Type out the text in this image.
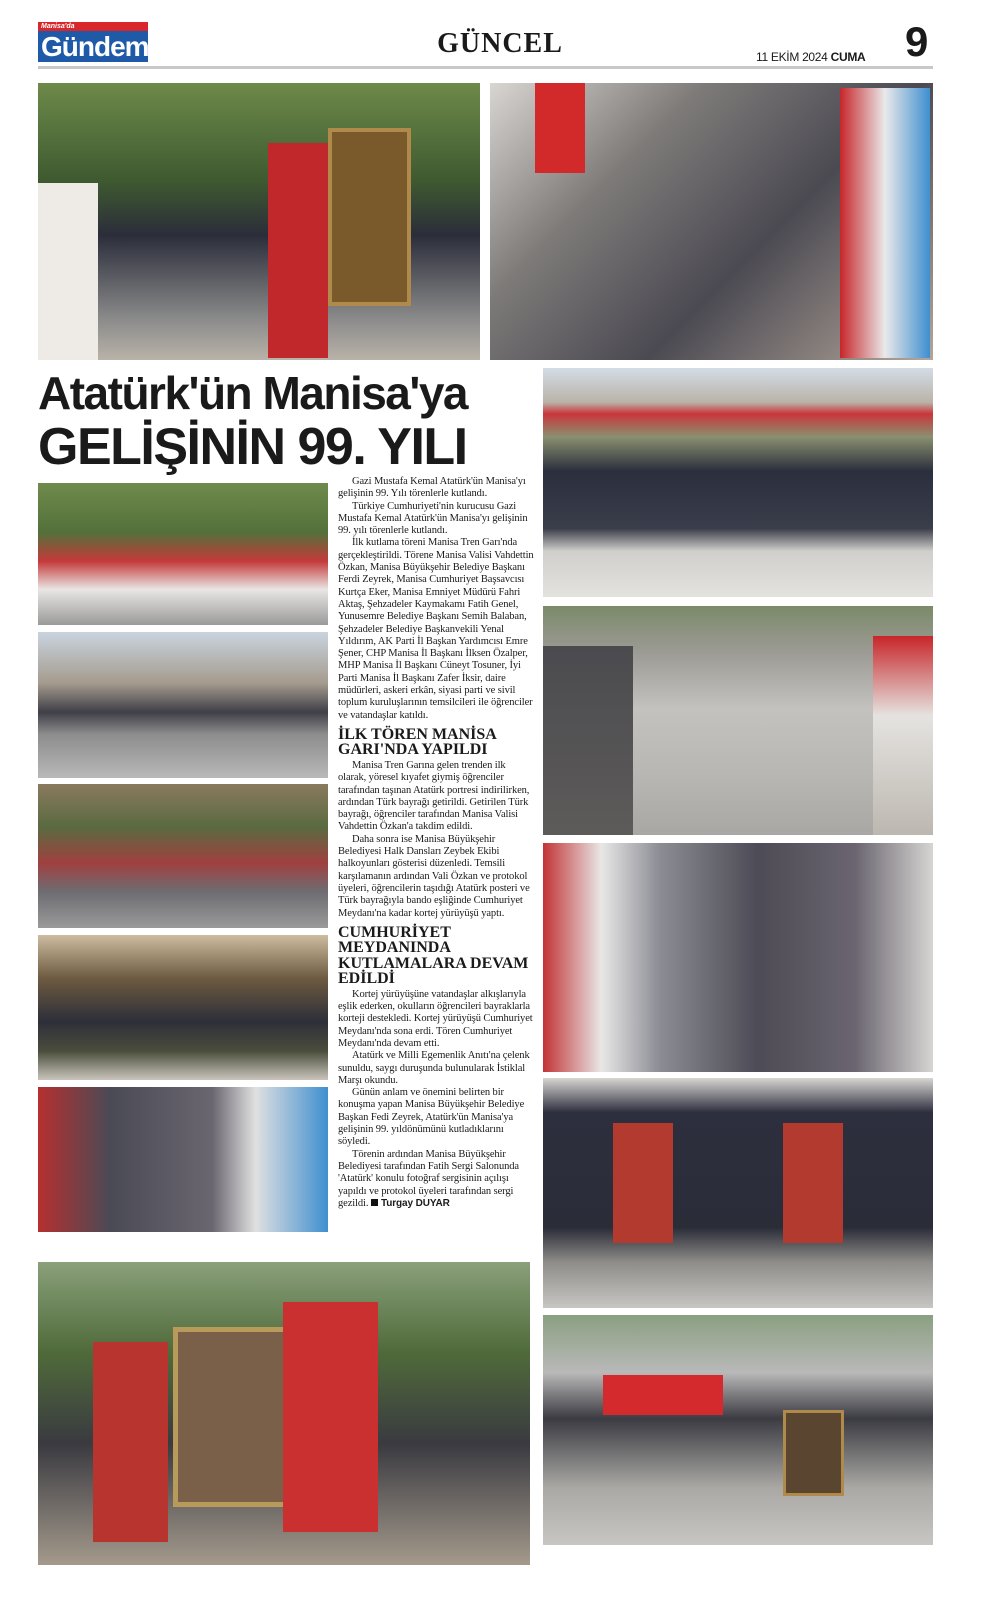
Manisa'da
Gündem	GÜNCEL	11 EKİM 2024 CUMA 9
Atatürk'ün Manisa'ya
GELİŞİNİN 99. YILI

Gazi Mustafa Kemal Atatürk'ün Manisa'yı gelişinin 99. Yılı törenlerle kutlandı.

Türkiye Cumhuriyeti'nin kurucusu Gazi Mustafa Kemal Atatürk'ün Manisa'yı gelişinin 99. yılı törenlerle kutlandı.

İlk kutlama töreni Manisa Tren Garı'nda gerçekleştirildi. Törene Manisa Valisi Vahdettin Özkan, Manisa Büyükşehir Belediye Başkanı Ferdi Zeyrek, Manisa Cumhuriyet Başsavcısı Kurtça Eker, Manisa Emniyet Müdürü Fahri Aktaş, Şehzadeler Kaymakamı Fatih Genel, Yunusemre Belediye Başkanı Semih Balaban, Şehzadeler Belediye Başkanvekili Yenal Yıldırım, AK Parti İl Başkan Yardımcısı Emre Şener, CHP Manisa İl Başkanı İlksen Özalper, MHP Manisa İl Başkanı Cüneyt Tosuner, İyi Parti Manisa İl Başkanı Zafer İksir, daire müdürleri, askeri erkân, siyasi parti ve sivil toplum kuruluşlarının temsilcileri ile öğrenciler ve vatandaşlar katıldı.

İLK TÖREN MANİSA GARI'NDA YAPILDI

Manisa Tren Garına gelen trenden ilk olarak, yöresel kıyafet giymiş öğrenciler tarafından taşınan Atatürk portresi indirilirken, ardından Türk bayrağı getirildi. Getirilen Türk bayrağı, öğrenciler tarafından Manisa Valisi Vahdettin Özkan'a takdim edildi.

Daha sonra ise Manisa Büyükşehir Belediyesi Halk Dansları Zeybek Ekibi halkoyunları gösterisi düzenledi. Temsili karşılamanın ardından Vali Özkan ve protokol üyeleri, öğrencilerin taşıdığı Atatürk posteri ve Türk bayrağıyla bando eşliğinde Cumhuriyet Meydanı'na kadar kortej yürüyüşü yaptı.

CUMHURİYET MEYDANINDA KUTLAMALARA DEVAM EDİLDİ

Kortej yürüyüşüne vatandaşlar alkışlarıyla eşlik ederken, okulların öğrencileri bayraklarla korteji destekledi. Kortej yürüyüşü Cumhuriyet Meydanı'nda sona erdi. Tören Cumhuriyet Meydanı'nda devam etti.

Atatürk ve Milli Egemenlik Anıtı'na çelenk sunuldu, saygı duruşunda bulunularak İstiklal Marşı okundu.

Günün anlam ve önemini belirten bir konuşma yapan Manisa Büyükşehir Belediye Başkan Fedi Zeyrek, Atatürk'ün Manisa'ya gelişinin 99. yıldönümünü kutladıklarını söyledi.

Törenin ardından Manisa Büyükşehir Belediyesi tarafından Fatih Sergi Salonunda 'Atatürk' konulu fotoğraf sergisinin açılışı yapıldı ve protokol üyeleri tarafından sergi gezildi. Turgay DUYAR
